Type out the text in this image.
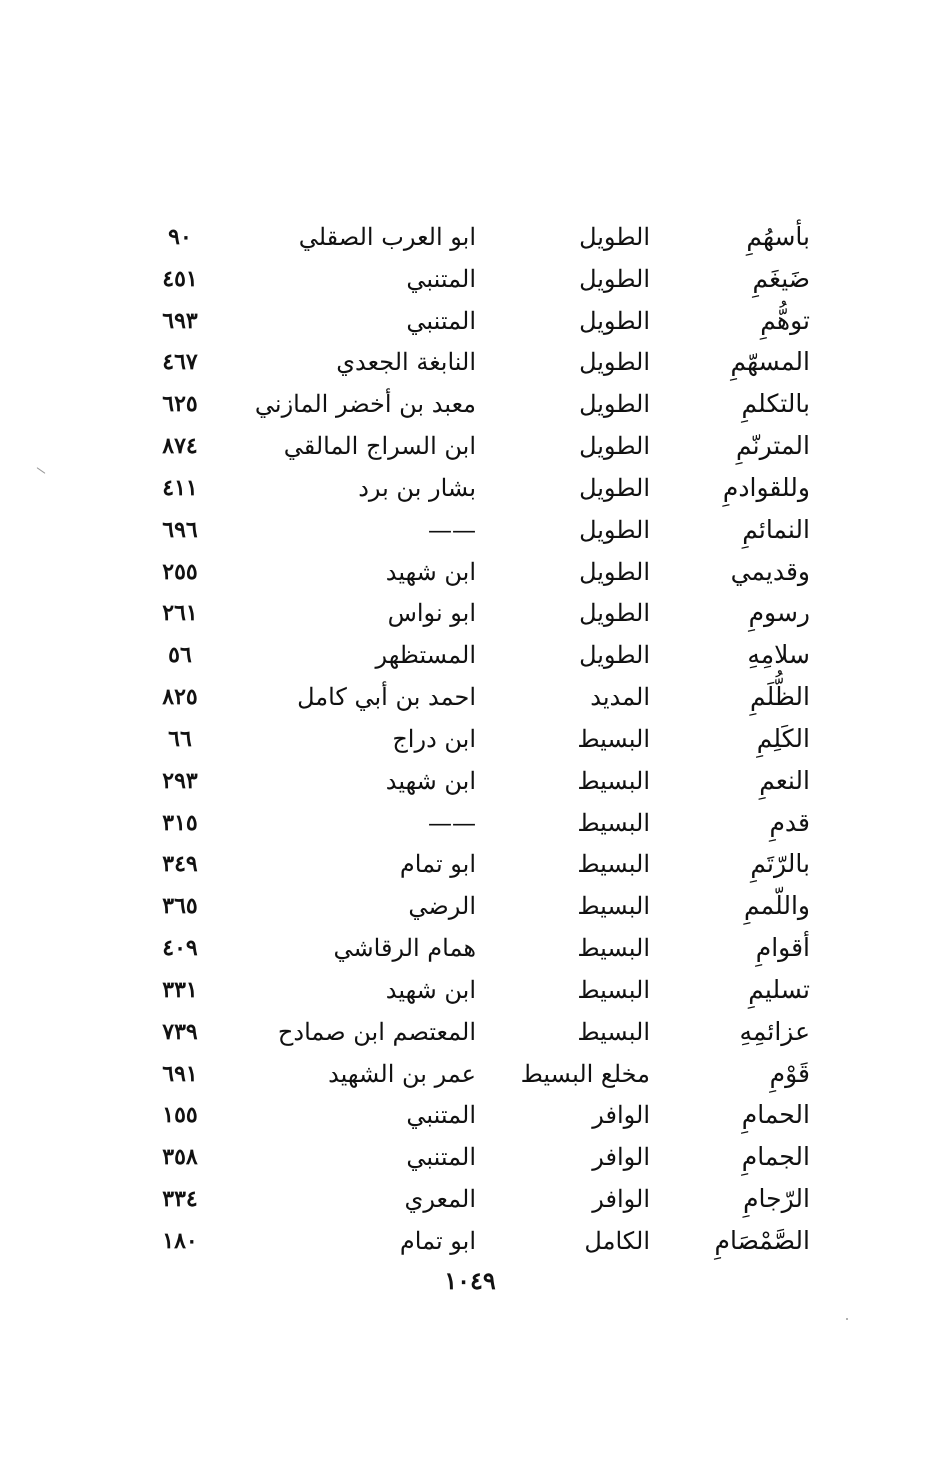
بأسهُمِ
الطويل
ابو العرب الصقلي
٩٠
ضَيغَمِ
الطويل
المتنبي
٤٥١
توهُّمِ
الطويل
المتنبي
٦٩٣
المسهّمِ
الطويل
النابغة الجعدي
٤٦٧
بالتكلمِ
الطويل
معبد بن أخضر المازني
٦٢٥
المترنّمِ
الطويل
ابن السراج المالقي
٨٧٤
وللقوادمِ
الطويل
بشار بن برد
٤١١
النمائمِ
الطويل
——
٦٩٦
وقديمي
الطويل
ابن شهيد
٢٥٥
رسومِ
الطويل
ابو نواس
٢٦١
سلامِهِ
الطويل
المستظهر
٥٦
الظُّلَمِ
المديد
احمد بن أبي كامل
٨٢٥
الكَلِمِ
البسيط
ابن دراج
٦٦
النعمِ
البسيط
ابن شهيد
٢٩٣
قدمِ
البسيط
——
٣١٥
بالرّتَمِ
البسيط
ابو تمام
٣٤٩
واللّممِ
البسيط
الرضي
٣٦٥
أقوامِ
البسيط
همام الرقاشي
٤٠٩
تسليمِ
البسيط
ابن شهيد
٣٣١
عزائمِهِ
البسيط
المعتصم ابن صمادح
٧٣٩
قَوْمِ
مخلع البسيط
عمر بن الشهيد
٦٩١
الحمامِ
الوافر
المتنبي
١٥٥
الجمامِ
الوافر
المتنبي
٣٥٨
الرّجامِ
الوافر
المعري
٣٣٤
الصَّمْصَامِ
الكامل
ابو تمام
١٨٠
١٠٤٩
